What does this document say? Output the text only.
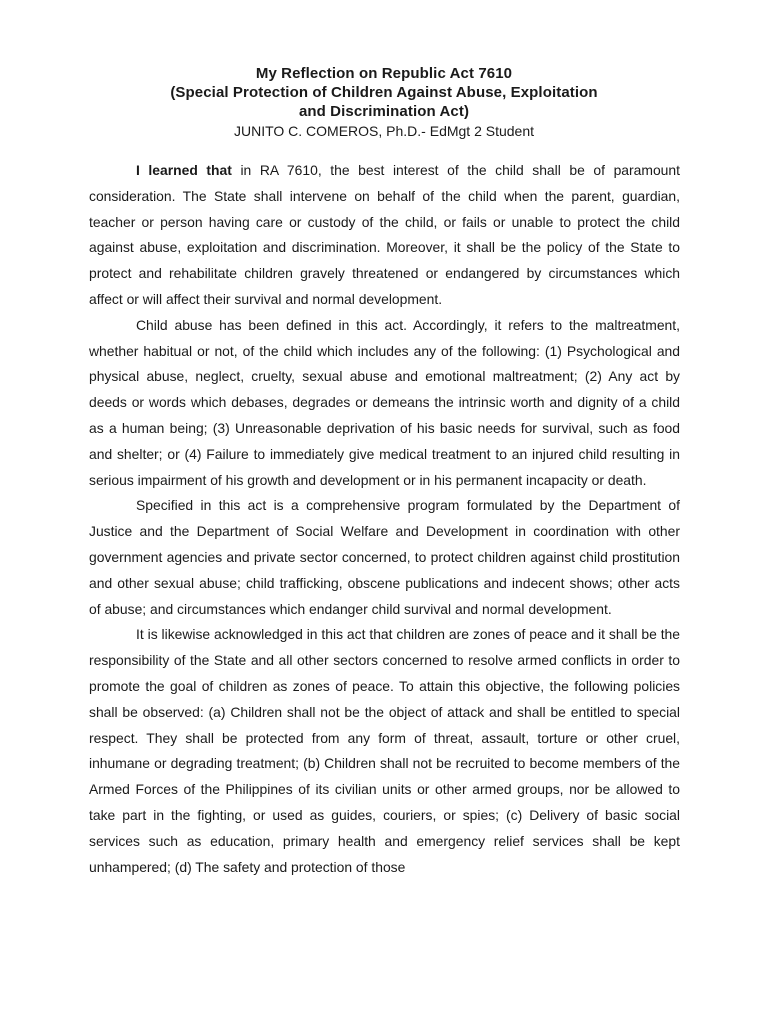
My Reflection on Republic Act 7610
(Special Protection of Children Against Abuse, Exploitation
and Discrimination Act)
JUNITO C. COMEROS, Ph.D.- EdMgt 2 Student

I learned that in RA 7610, the best interest of the child shall be of paramount consideration. The State shall intervene on behalf of the child when the parent, guardian, teacher or person having care or custody of the child, or fails or unable to protect the child against abuse, exploitation and discrimination. Moreover, it shall be the policy of the State to protect and rehabilitate children gravely threatened or endangered by circumstances which affect or will affect their survival and normal development.

Child abuse has been defined in this act. Accordingly, it refers to the maltreatment, whether habitual or not, of the child which includes any of the following: (1) Psychological and physical abuse, neglect, cruelty, sexual abuse and emotional maltreatment; (2) Any act by deeds or words which debases, degrades or demeans the intrinsic worth and dignity of a child as a human being; (3) Unreasonable deprivation of his basic needs for survival, such as food and shelter; or (4) Failure to immediately give medical treatment to an injured child resulting in serious impairment of his growth and development or in his permanent incapacity or death.

Specified in this act is a comprehensive program formulated by the Department of Justice and the Department of Social Welfare and Development in coordination with other government agencies and private sector concerned, to protect children against child prostitution and other sexual abuse; child trafficking, obscene publications and indecent shows; other acts of abuse; and circumstances which endanger child survival and normal development.

It is likewise acknowledged in this act that children are zones of peace and it shall be the responsibility of the State and all other sectors concerned to resolve armed conflicts in order to promote the goal of children as zones of peace. To attain this objective, the following policies shall be observed: (a) Children shall not be the object of attack and shall be entitled to special respect. They shall be protected from any form of threat, assault, torture or other cruel, inhumane or degrading treatment; (b) Children shall not be recruited to become members of the Armed Forces of the Philippines of its civilian units or other armed groups, nor be allowed to take part in the fighting, or used as guides, couriers, or spies; (c) Delivery of basic social services such as education, primary health and emergency relief services shall be kept unhampered; (d) The safety and protection of those
